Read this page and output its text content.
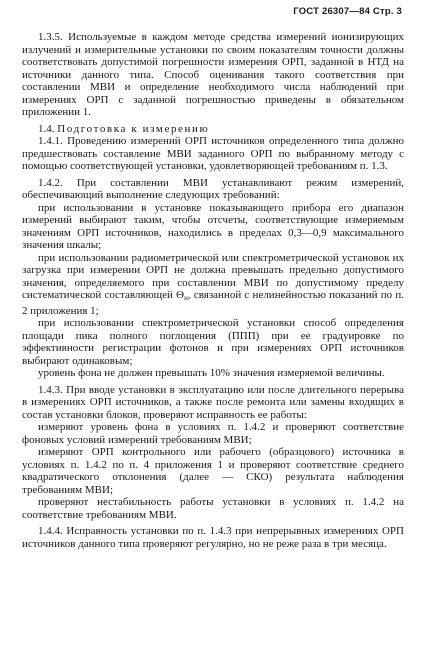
ГОСТ 26307—84 Стр. 3

1.3.5. Используемые в каждом методе средства измерений ионизирующих излучений и измерительные установки по своим показателям точности должны соответствовать допустимой погрешности измерения ОРП, заданной в НТД на источники данного типа. Способ оценивания такого соответствия при составлении МВИ и определение необходимого числа наблюдений при измерениях ОРП с заданной погрешностью приведены в обязательном приложении 1.

1.4. Подготовка к измерению

1.4.1. Проведению измерений ОРП источников определенного типа должно предшествовать составление МВИ заданного ОРП по выбранному методу с помощью соответствующей установки, удовлетворяющей требованиям п. 1.3.

1.4.2. При составлении МВИ устанавливают режим измерений, обеспечивающий выполнение следующих требований:

при использовании в установке показывающего прибора его диапазон измерений выбирают таким, чтобы отсчеты, соответствующие измеряемым значениям ОРП источников, находились в пределах 0,3—0,9 максимального значения шкалы;

при использовании радиометрической или спектрометрической установок их загрузка при измерении ОРП не должна превышать предельно допустимого значения, определяемого при составлении МВИ по допустимому пределу систематической составляющей $\Theta_н$, связанной с нелинейностью показаний по п. 2 приложения 1;

при использовании спектрометрической установки способ определения площади пика полного поглощения (ППП) при ее градуировке по эффективности регистрации фотонов и при измерениях ОРП источников выбирают одинаковым;

уровень фона не должен превышать 10% значения измеряемой величины.

1.4.3. При вводе установки в эксплуатацию или после длительного перерыва в измерениях ОРП источников, а также после ремонта или замены входящих в состав установки блоков, проверяют исправность ее работы:

измеряют уровень фона в условиях п. 1.4.2 и проверяют соответствие фоновых условий измерений требованиям МВИ;

измеряют ОРП контрольного или рабочего (образцового) источника в условиях п. 1.4.2 по п. 4 приложения 1 и проверяют соответствие среднего квадратического отклонения (далее — СКО) результата наблюдения требованиям МВИ;

проверяют нестабильность работы установки в условиях п. 1.4.2 на соответствие требованиям МВИ.

1.4.4. Исправность установки по п. 1.4.3 при непрерывных измерениях ОРП источников данного типа проверяют регулярно, но не реже раза в три месяца.
